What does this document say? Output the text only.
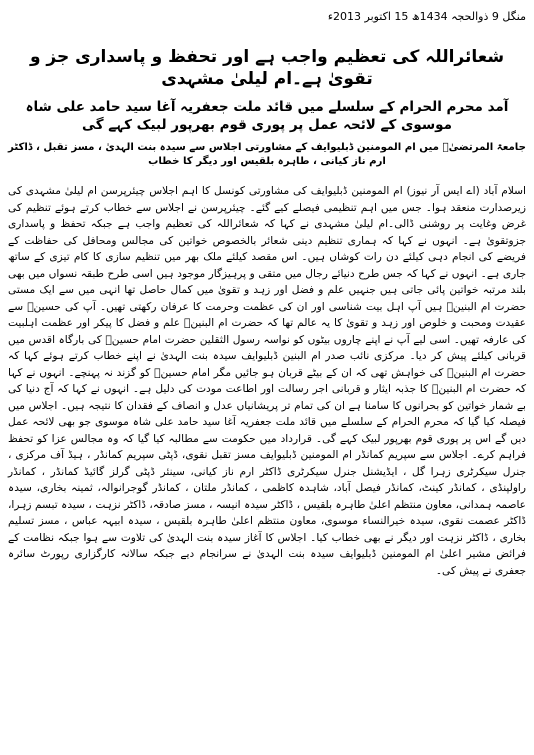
منگل 9 ذوالحجہ 1434ھ 15 اکتوبر 2013ء
شعائراللہ کی تعظیم واجب ہے اور تحفظ و پاسداری جز و تقویٰ ہے۔ام لیلیٰ مشہدی
آمد محرم الحرام کے سلسلے میں قائد ملت جعفریہ آغا سید حامد علی شاہ موسوی کے لائحہ عمل پر پوری قوم بھرپور لبیک کہے گی
جامعۃ المرتضیٰؑ میں ام المومنین ڈبلیوایف کے مشاورتی اجلاس سے سیدہ بنت الہدیٰ ، مسز تقبل ، ڈاکٹر ارم ناز کیانی ، طاہرہ بلقیس اور دیگر کا خطاب

اسلام آباد (اے ایس آر نیوز) ام المومنین ڈبلیوایف کی مشاورتی کونسل کا اہم اجلاس چیئرپرسن ام لیلیٰ مشہدی کی زیرصدارت منعقد ہوا۔ جس میں اہم تنظیمی فیصلے کیے گئے۔ چیئرپرسن نے اجلاس سے خطاب کرتے ہوئے تنظیم کی غرض وغایت پر روشنی ڈالی۔ام لیلیٰ مشہدی نے کہا کہ شعائراللہ کی تعظیم واجب ہے جبکہ تحفظ و پاسداری جزوتقویٰ ہے۔ انہوں نے کہا کہ ہماری تنظیم دینی شعائر بالخصوص خواتین کی مجالس ومحافل کی حفاظت کے فریضے کی انجام دہی کیلئے دن رات کوشاں ہیں۔ اس مقصد کیلئے ملک بھر میں تنظیم سازی کا کام تیزی کے ساتھ جاری ہے۔ انہوں نے کہا کہ جس طرح دنیائے رجال میں متقی و پرہیزگار موجود ہیں اسی طرح طبقہ نسواں میں بھی بلند مرتبہ خواتین پائی جاتی ہیں جنہیں علم و فضل اور زہد و تقویٰ میں کمال حاصل تھا انہی میں سے ایک مستی حضرت ام البنینؑ ہیں آپ اہل بیت شناسی اور ان کی عظمت وحرمت کا عرفان رکھتی تھیں۔ آپ کی حسینؑ سے عقیدت ومحبت و خلوص اور زہد و تقویٰ کا یہ عالم تھا کہ حضرت ام البنینؑ علم و فضل کا پیکر اور عظمت اہلبیت کی عارفہ تھیں۔ اسی لیے آپ نے اپنے چاروں بیٹوں کو نواسہ رسول الثقلین حضرت امام حسینؑ کی بارگاہ اقدس میں قربانی کیلئے پیش کر دیا۔ مرکزی نائب صدر ام البنین ڈبلیوایف سیدہ بنت الہدیٰ نے اپنے خطاب کرتے ہوئے کہا کہ حضرت ام البنینؑ کی خواہش تھی کہ ان کے بیٹے قربان ہو جائیں مگر امام حسینؑ کو گزند نہ پہنچے۔ انہوں نے کہا کہ حضرت ام البنینؑ کا جذبہ ایثار و قربانی اجر رسالت اور اطاعت مودت کی دلیل ہے۔ انہوں نے کہا کہ آج دنیا کی بے شمار خواتین کو بحرانوں کا سامنا ہے ان کی تمام تر پریشانیاں عدل و انصاف کے فقدان کا نتیجہ ہیں۔ اجلاس میں فیصلہ کیا گیا کہ محرم الحرام کے سلسلے میں قائد ملت جعفریہ آغا سید حامد علی شاہ موسوی جو بھی لائحہ عمل دیں گے اس پر پوری قوم بھرپور لبیک کہے گی۔ قرارداد میں حکومت سے مطالبہ کیا گیا کہ وہ مجالس عزا کو تحفظ فراہم کرے۔ اجلاس سے سپریم کمانڈر ام المومنین ڈبلیوایف مسز تقبل نقوی، ڈپٹی سپریم کمانڈر ، ہیڈ آف مرکزی ، جنرل سیکرٹری زہرا گل ، ایڈیشنل جنرل سیکرٹری ڈاکٹر ارم ناز کیانی، سینئر ڈپٹی گرلز گائیڈ کمانڈر ، کمانڈر راولپنڈی ، کمانڈر کینٹ، کمانڈر فیصل آباد، شاہدہ کاظمی ، کمانڈر ملتان ، کمانڈر گوجرانوالہ، ثمینہ بخاری، سیدہ عاصمہ ہمدانی، معاون منتظم اعلیٰ طاہرہ بلقیس ، ڈاکٹر سیدہ انیسہ ، مسز صادقہ، ڈاکٹر نزہت ، سیدہ تبسم زہرا، ڈاکٹر عصمت نقوی، سیدہ خیرالنساء موسوی، معاون منتظم اعلیٰ طاہرہ بلقیس ، سیدہ ابیہہ عباس ، مسز تسلیم بخاری ، ڈاکٹر نزہت اور دیگر نے بھی خطاب کیا۔ اجلاس کا آغاز سیدہ بنت الہدیٰ کی تلاوت سے ہوا جبکہ نظامت کے فرائض مشیر اعلیٰ ام المومنین ڈبلیوایف سیدہ بنت الہدیٰ نے سرانجام دیے جبکہ سالانہ کارگزاری رپورٹ سائرہ جعفری نے پیش کی۔
